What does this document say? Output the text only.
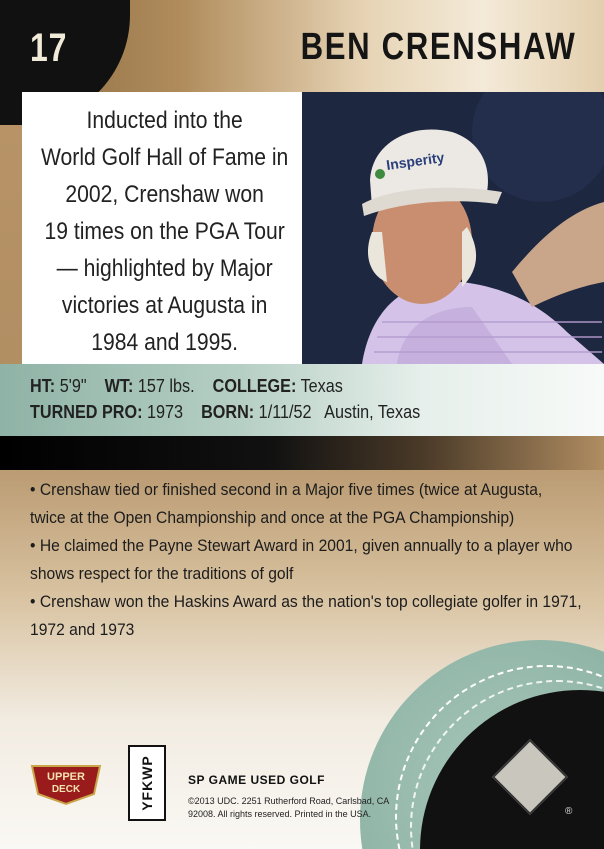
17	BEN CRENSHAW

Inducted into the
World Golf Hall of Fame in
2002, Crenshaw won
19 times on the PGA Tour
— highlighted by Major
victories at Augusta in
1984 and 1995.

Insperity
HT: 5'9" WT: 157 lbs. COLLEGE: Texas
TURNED PRO: 1973 BORN: 1/11/52 Austin, Texas
• Crenshaw tied or finished second in a Major five times (twice at Augusta, twice at the Open Championship and once at the PGA Championship)
• He claimed the Payne Stewart Award in 2001, given annually to a player who shows respect for the traditions of golf
• Crenshaw won the Haskins Award as the nation's top collegiate golfer in 1971, 1972 and 1973
UPPER
DECK	YFKWP	SP GAME USED GOLF
©2013 UDC. 2251 Rutherford Road, Carlsbad, CA 92008. All rights reserved. Printed in the USA.	®
